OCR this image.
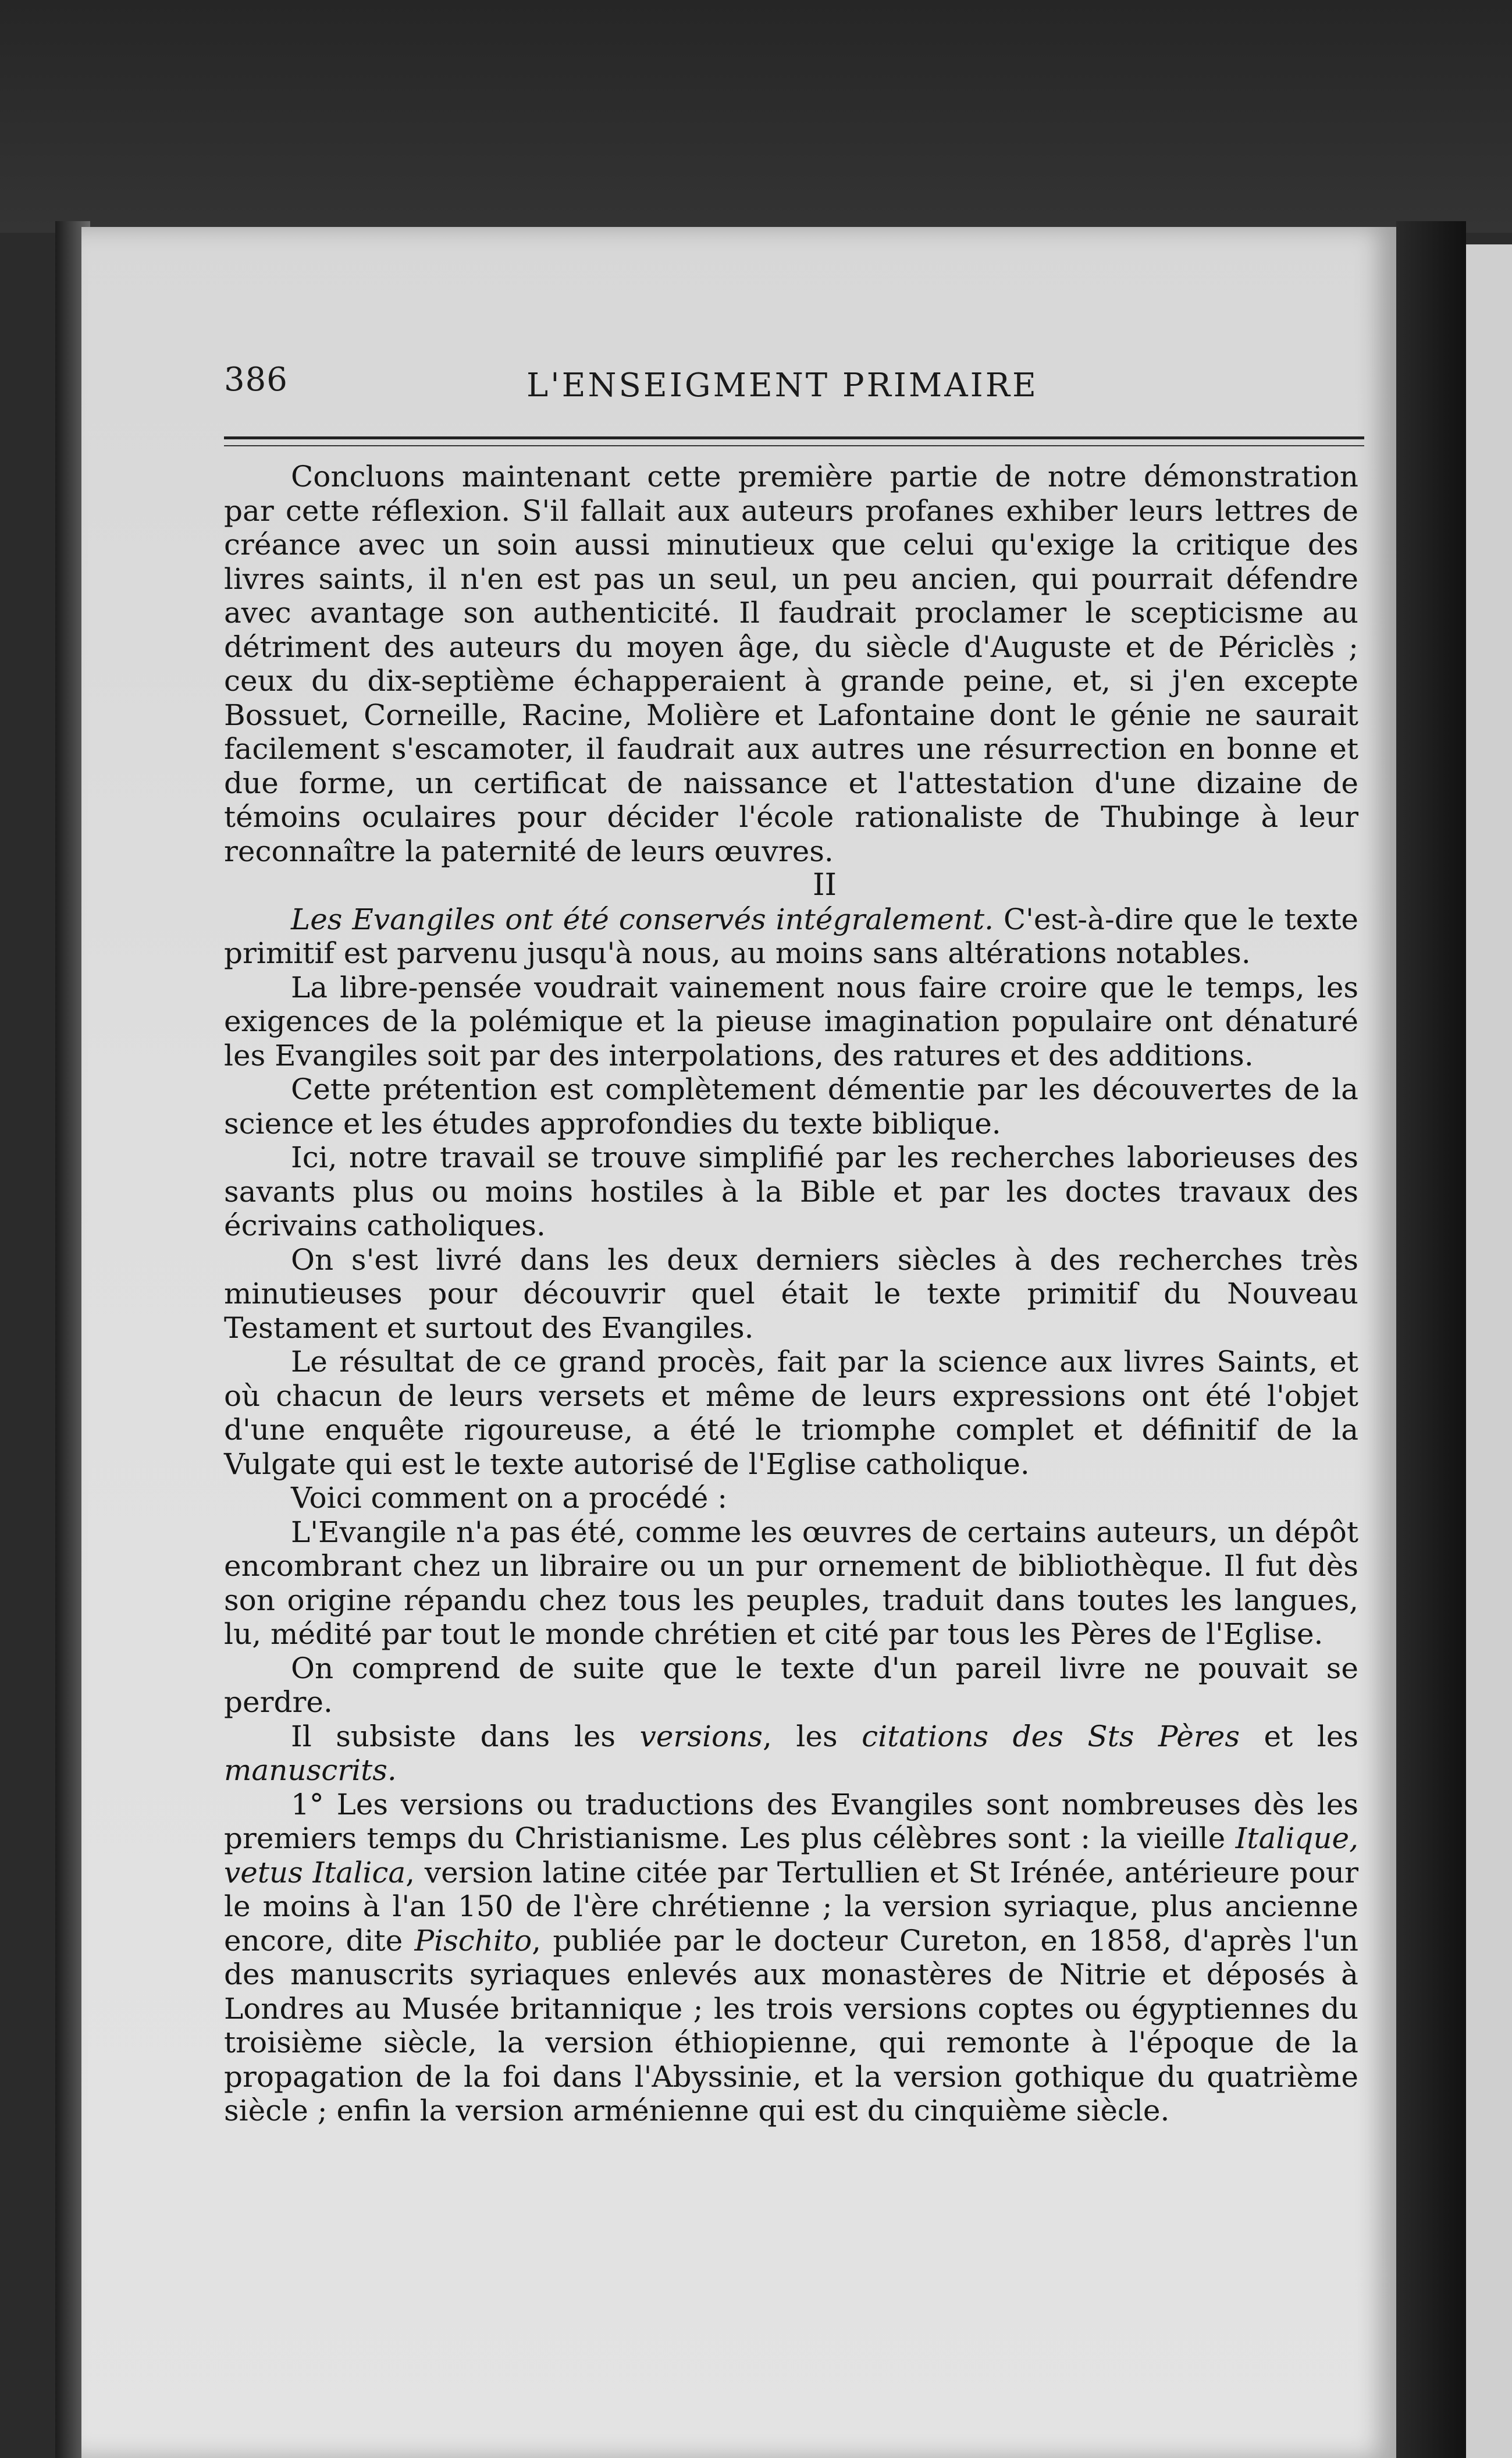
386	L'ENSEIGMENT PRIMAIRE

Concluons maintenant cette première partie de notre démonstration par cette réflexion. S'il fallait aux auteurs profanes exhiber leurs lettres de créance avec un soin aussi minutieux que celui qu'exige la critique des livres saints, il n'en est pas un seul, un peu ancien, qui pourrait défendre avec avantage son authenticité. Il faudrait proclamer le scepticisme au détriment des auteurs du moyen âge, du siècle d'Auguste et de Périclès ; ceux du dix-septième échapperaient à grande peine, et, si j'en excepte Bossuet, Corneille, Racine, Molière et Lafontaine dont le génie ne saurait facilement s'escamoter, il faudrait aux autres une résurrection en bonne et due forme, un certificat de naissance et l'attestation d'une dizaine de témoins oculaires pour décider l'école rationaliste de Thubinge à leur reconnaître la paternité de leurs œuvres.

II

Les Evangiles ont été conservés intégralement. C'est-à-dire que le texte primitif est parvenu jusqu'à nous, au moins sans altérations notables.

La libre-pensée voudrait vainement nous faire croire que le temps, les exigences de la polémique et la pieuse imagination populaire ont dénaturé les Evangiles soit par des interpolations, des ratures et des additions.

Cette prétention est complètement démentie par les découvertes de la science et les études approfondies du texte biblique.

Ici, notre travail se trouve simplifié par les recherches laborieuses des savants plus ou moins hostiles à la Bible et par les doctes travaux des écrivains catholiques.

On s'est livré dans les deux derniers siècles à des recherches très minutieuses pour découvrir quel était le texte primitif du Nouveau Testament et surtout des Evangiles.

Le résultat de ce grand procès, fait par la science aux livres Saints, et où chacun de leurs versets et même de leurs expressions ont été l'objet d'une enquête rigoureuse, a été le triomphe complet et définitif de la Vulgate qui est le texte autorisé de l'Eglise catholique.

Voici comment on a procédé :

L'Evangile n'a pas été, comme les œuvres de certains auteurs, un dépôt encombrant chez un libraire ou un pur ornement de bibliothèque. Il fut dès son origine répandu chez tous les peuples, traduit dans toutes les langues, lu, médité par tout le monde chrétien et cité par tous les Pères de l'Eglise.

On comprend de suite que le texte d'un pareil livre ne pouvait se perdre.

Il subsiste dans les versions, les citations des Sts Pères et les manuscrits.

1° Les versions ou traductions des Evangiles sont nombreuses dès les premiers temps du Christianisme. Les plus célèbres sont : la vieille Italique, vetus Italica, version latine citée par Tertullien et St Irénée, antérieure pour le moins à l'an 150 de l'ère chrétienne ; la version syriaque, plus ancienne encore, dite Pischito, publiée par le docteur Cureton, en 1858, d'après l'un des manuscrits syriaques enlevés aux monastères de Nitrie et déposés à Londres au Musée britannique ; les trois versions coptes ou égyptiennes du troisième siècle, la version éthiopienne, qui remonte à l'époque de la propagation de la foi dans l'Abyssinie, et la version gothique du quatrième siècle ; enfin la version arménienne qui est du cinquième siècle.
